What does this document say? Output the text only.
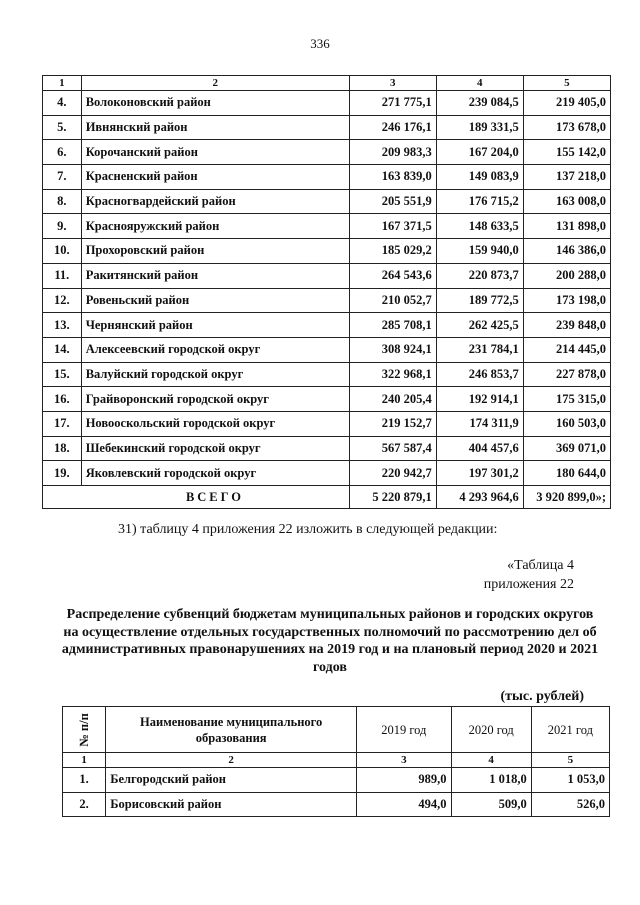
336
1	2	3	4	5
4.	Волоконовский район	271 775,1	239 084,5	219 405,0
5.	Ивнянский район	246 176,1	189 331,5	173 678,0
6.	Корочанский район	209 983,3	167 204,0	155 142,0
7.	Красненский район	163 839,0	149 083,9	137 218,0
8.	Красногвардейский район	205 551,9	176 715,2	163 008,0
9.	Краснояружский район	167 371,5	148 633,5	131 898,0
10.	Прохоровский район	185 029,2	159 940,0	146 386,0
11.	Ракитянский район	264 543,6	220 873,7	200 288,0
12.	Ровеньский район	210 052,7	189 772,5	173 198,0
13.	Чернянский район	285 708,1	262 425,5	239 848,0
14.	Алексеевский городской округ	308 924,1	231 784,1	214 445,0
15.	Валуйский городской округ	322 968,1	246 853,7	227 878,0
16.	Грайворонский городской округ	240 205,4	192 914,1	175 315,0
17.	Новооскольский городской округ	219 152,7	174 311,9	160 503,0
18.	Шебекинский городской округ	567 587,4	404 457,6	369 071,0
19.	Яковлевский городской округ	220 942,7	197 301,2	180 644,0
	ВСЕГО	5 220 879,1	4 293 964,6	3 920 899,0»;
31) таблицу 4 приложения 22 изложить в следующей редакции:
«Таблица 4
приложения 22
Распределение субвенций бюджетам муниципальных районов и городских округов на осуществление отдельных государственных полномочий по рассмотрению дел об административных правонарушениях на 2019 год и на плановый период 2020 и 2021 годов
(тыс. рублей)
№ п/п	Наименование муниципального образования	2019 год	2020 год	2021 год
1	2	3	4	5
1.	Белгородский район	989,0	1 018,0	1 053,0
2.	Борисовский район	494,0	509,0	526,0
